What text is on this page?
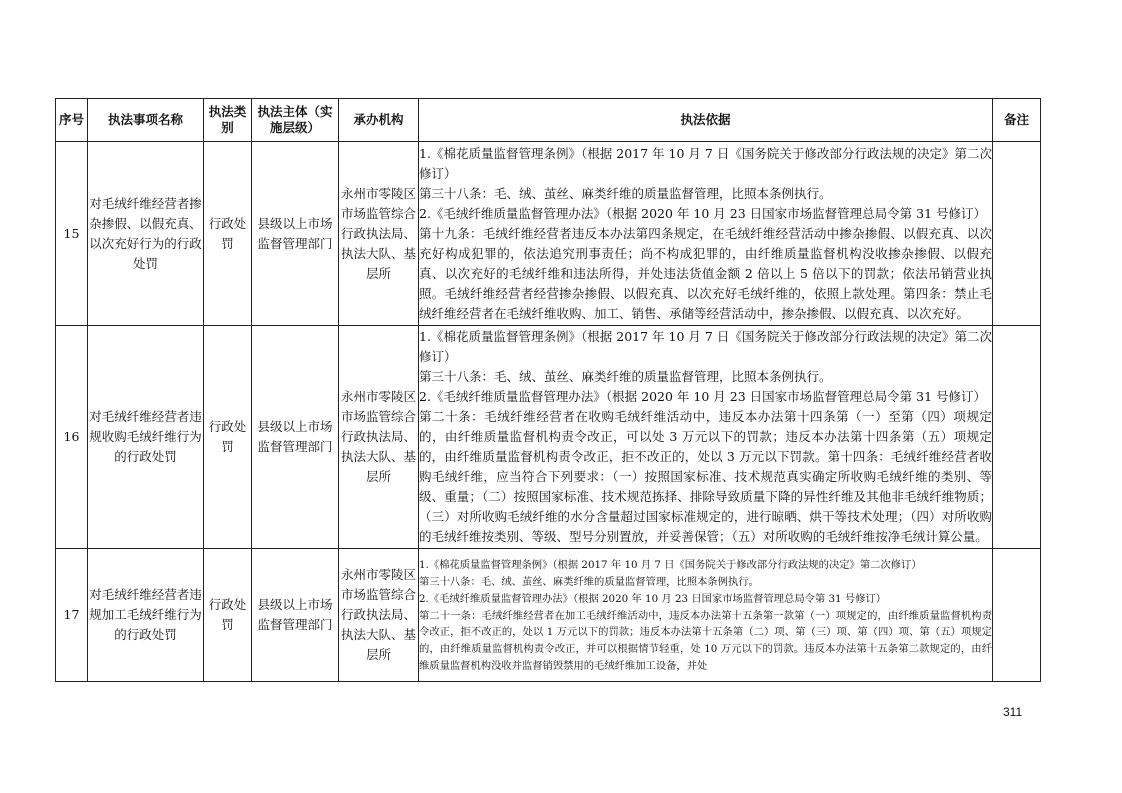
序号	执法事项名称	执法类别	执法主体（实施层级）	承办机构	执法依据	备注
15	对毛绒纤维经营者掺杂掺假、以假充真、以次充好行为的行政处罚	行政处罚	县级以上市场监督管理部门	永州市零陵区市场监管综合行政执法局、执法大队、基层所	1.《棉花质量监督管理条例》（根据 2017 年 10 月 7 日《国务院关于修改部分行政法规的决定》第二次修订）
第三十八条：毛、绒、茧丝、麻类纤维的质量监督管理，比照本条例执行。
2.《毛绒纤维质量监督管理办法》（根据 2020 年 10 月 23 日国家市场监督管理总局令第 31 号修订）
第十九条：毛绒纤维经营者违反本办法第四条规定，在毛绒纤维经营活动中掺杂掺假、以假充真、以次充好构成犯罪的，依法追究刑事责任；尚不构成犯罪的，由纤维质量监督机构没收掺杂掺假、以假充真、以次充好的毛绒纤维和违法所得，并处违法货值金额 2 倍以上 5 倍以下的罚款；依法吊销营业执照。毛绒纤维经营者经营掺杂掺假、以假充真、以次充好毛绒纤维的，依照上款处理。第四条：禁止毛绒纤维经营者在毛绒纤维收购、加工、销售、承储等经营活动中，掺杂掺假、以假充真、以次充好。	

16	对毛绒纤维经营者违规收购毛绒纤维行为的行政处罚	行政处罚	县级以上市场监督管理部门	永州市零陵区市场监管综合行政执法局、执法大队、基层所	1.《棉花质量监督管理条例》（根据 2017 年 10 月 7 日《国务院关于修改部分行政法规的决定》第二次修订）
第三十八条：毛、绒、茧丝、麻类纤维的质量监督管理，比照本条例执行。
2.《毛绒纤维质量监督管理办法》（根据 2020 年 10 月 23 日国家市场监督管理总局令第 31 号修订）
第二十条：毛绒纤维经营者在收购毛绒纤维活动中，违反本办法第十四条第（一）至第（四）项规定的，由纤维质量监督机构责令改正，可以处 3 万元以下的罚款；违反本办法第十四条第（五）项规定的，由纤维质量监督机构责令改正，拒不改正的，处以 3 万元以下罚款。第十四条：毛绒纤维经营者收购毛绒纤维，应当符合下列要求：（一）按照国家标准、技术规范真实确定所收购毛绒纤维的类别、等级、重量；（二）按照国家标准、技术规范拣择、排除导致质量下降的异性纤维及其他非毛绒纤维物质；（三）对所收购毛绒纤维的水分含量超过国家标准规定的，进行晾晒、烘干等技术处理；（四）对所收购的毛绒纤维按类别、等级、型号分别置放，并妥善保管；（五）对所收购的毛绒纤维按净毛绒计算公量。	

17	对毛绒纤维经营者违规加工毛绒纤维行为的行政处罚	行政处罚	县级以上市场监督管理部门	永州市零陵区市场监管综合行政执法局、执法大队、基层所	1.《棉花质量监督管理条例》（根据 2017 年 10 月 7 日《国务院关于修改部分行政法规的决定》第二次修订）
第三十八条：毛、绒、茧丝、麻类纤维的质量监督管理，比照本条例执行。
2.《毛绒纤维质量监督管理办法》（根据 2020 年 10 月 23 日国家市场监督管理总局令第 31 号修订）
第二十一条：毛绒纤维经营者在加工毛绒纤维活动中，违反本办法第十五条第一款第（一）项规定的，由纤维质量监督机构责令改正，拒不改正的，处以 1 万元以下的罚款；违反本办法第十五条第（二）项、第（三）项、第（四）项、第（五）项规定的，由纤维质量监督机构责令改正，并可以根据情节轻重，处 10 万元以下的罚款。违反本办法第十五条第二款规定的，由纤维质量监督机构没收并监督销毁禁用的毛绒纤维加工设备，并处	

311
